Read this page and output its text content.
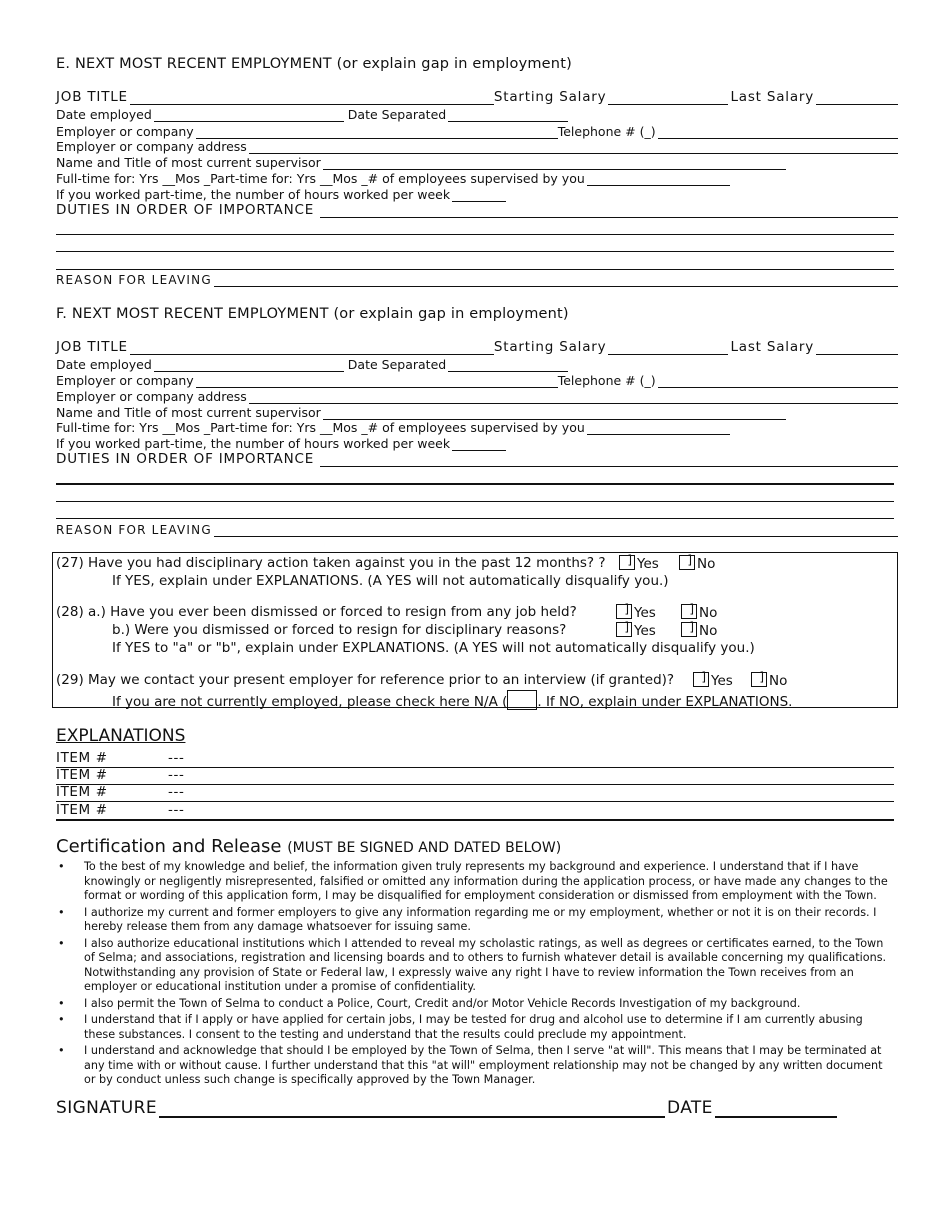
E. NEXT MOST RECENT EMPLOYMENT (or explain gap in employment)
JOB TITLE	Starting Salary	Last Salary
Date employed	Date Separated
Employer or company	Telephone # (_)
Employer or company address
Name and Title of most current supervisor
Full-time for: Yrs __Mos _Part-time for: Yrs __Mos _# of employees supervised by you
If you worked part-time, the number of hours worked per week
DUTIES IN ORDER OF IMPORTANCE
REASON FOR LEAVING
F. NEXT MOST RECENT EMPLOYMENT (or explain gap in employment)
JOB TITLE	Starting Salary	Last Salary
Date employed	Date Separated
Employer or company	Telephone # (_)
Employer or company address
Name and Title of most current supervisor
Full-time for: Yrs __Mos _Part-time for: Yrs __Mos _# of employees supervised by you
If you worked part-time, the number of hours worked per week
DUTIES IN ORDER OF IMPORTANCE
REASON FOR LEAVING
(27) Have you had disciplinary action taken against you in the past 12 months? ? ]	Yes ]	No
If YES, explain under EXPLANATIONS. (A YES will not automatically disqualify you.)
(28) a.) Have you ever been dismissed or forced to resign from any job held? ]	Yes ]	No
b.) Were you dismissed or forced to resign for disciplinary reasons? ]	Yes ]	No
If YES to "a" or "b", explain under EXPLANATIONS. (A YES will not automatically disqualify you.)
(29) May we contact your present employer for reference prior to an interview (if granted)? ]	Yes ]	No
If you are not currently employed, please check here N/A ( . If NO, explain under EXPLANATIONS.
EXPLANATIONS
ITEM #	---
ITEM #	---
ITEM #	---
ITEM #	---
Certification and Release (MUST BE SIGNED AND DATED BELOW)
• To the best of my knowledge and belief, the information given truly represents my background and experience. I understand that if I have knowingly or negligently misrepresented, falsified or omitted any information during the application process, or have made any changes to the format or wording of this application form, I may be disqualified for employment consideration or dismissed from employment with the Town.
• I authorize my current and former employers to give any information regarding me or my employment, whether or not it is on their records. I hereby release them from any damage whatsoever for issuing same.
• I also authorize educational institutions which I attended to reveal my scholastic ratings, as well as degrees or certificates earned, to the Town of Selma; and associations, registration and licensing boards and to others to furnish whatever detail is available concerning my qualifications. Notwithstanding any provision of State or Federal law, I expressly waive any right I have to review information the Town receives from an employer or educational institution under a promise of confidentiality.
• I also permit the Town of Selma to conduct a Police, Court, Credit and/or Motor Vehicle Records Investigation of my background.
• I understand that if I apply or have applied for certain jobs, I may be tested for drug and alcohol use to determine if I am currently abusing these substances. I consent to the testing and understand that the results could preclude my appointment.
• I understand and acknowledge that should I be employed by the Town of Selma, then I serve "at will". This means that I may be terminated at any time with or without cause. I further understand that this "at will" employment relationship may not be changed by any written document or by conduct unless such change is specifically approved by the Town Manager.
SIGNATURE	DATE
